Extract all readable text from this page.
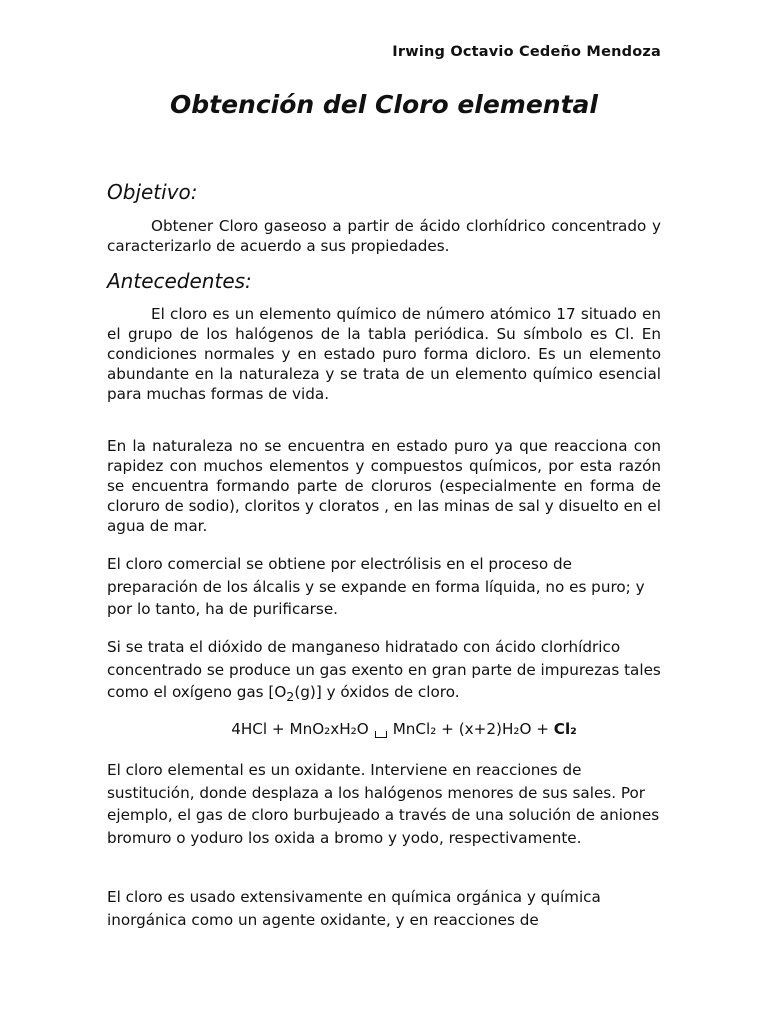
Irwing Octavio Cedeño Mendoza
Obtención del Cloro elemental
Objetivo:
Obtener Cloro gaseoso a partir de ácido clorhídrico concentrado y caracterizarlo de acuerdo a sus propiedades.
Antecedentes:
El cloro es un elemento químico de número atómico 17 situado en el grupo de los halógenos de la tabla periódica. Su símbolo es Cl. En condiciones normales y en estado puro forma dicloro. Es un elemento abundante en la naturaleza y se trata de un elemento químico esencial para muchas formas de vida.
En la naturaleza no se encuentra en estado puro ya que reacciona con rapidez con muchos elementos y compuestos químicos, por esta razón se encuentra formando parte de cloruros (especialmente en forma de cloruro de sodio), cloritos y cloratos , en las minas de sal y disuelto en el agua de mar.
El cloro comercial se obtiene por electrólisis en el proceso de preparación de los álcalis y se expande en forma líquida, no es puro; y por lo tanto, ha de purificarse.
Si se trata el dióxido de manganeso hidratado con ácido clorhídrico concentrado se produce un gas exento en gran parte de impurezas tales como el oxígeno gas $[O_2(g)]$ y óxidos de cloro.
4HCl + MnO₂xH₂O MnCl₂ + (x+2)H₂O + Cl₂
El cloro elemental es un oxidante. Interviene en reacciones de sustitución, donde desplaza a los halógenos menores de sus sales. Por ejemplo, el gas de cloro burbujeado a través de una solución de aniones bromuro o yoduro los oxida a bromo y yodo, respectivamente.
El cloro es usado extensivamente en química orgánica y química inorgánica como un agente oxidante, y en reacciones de
